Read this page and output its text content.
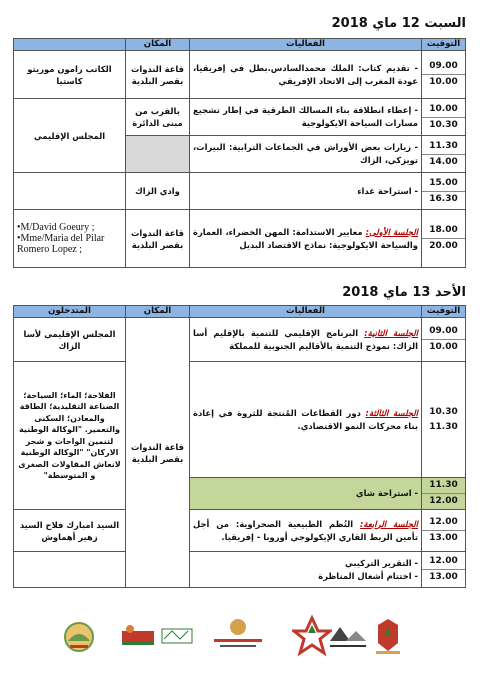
السبت 12 ماي 2018
التوقيت	الفعاليات	المكان	

09.00
10.00	- تقديم كتاب: الملك محمدالسادس.بطل في إفريقيا، عودة المغرب إلى الاتحاد الإفريقي	قاعة الندوات بقصر البلدية	الكاتب رامون موريتو كاستيا

10.00
10.30	- إعطاء انطلاقة بناء المسالك الطرقية في إطار تشجيع مسارات السياحة الايكولوجية	بالقرب من مبنى الدائرة	المجلس الإقليمي

11.30
14.00	- زيارات بعض الأوراش في الجماعات الترابية: البيرات، تويزكي، الزاك		

15.00
16.30	- استراحة غداء	وادي الزاك	

18.00
20.00	الجلسة الأولى: معايير الاستدامة: المهن الخضراء، العمارة والسياحة الايكولوجية: نماذج الاقتصاد البديل	قاعة الندوات بقصر البلدية	•M/David Goeury ;
•Mme/Maria del Pilar Romero Lopez ;
الأحد 13 ماي 2018
التوقيت	الفعاليات	المكان	المتدخلون

09.00
10.00	الجلسة الثانية: البرنامج الإقليمي للتنمية بالإقليم أسا الزاك: نموذج التنمية بالأقاليم الجنوبية للمملكة	قاعة الندوات بقصر البلدية	المجلس الإقليمي لأسا الزاك

10.30
11.30	الجلسة الثالثة: دور القطاعات المُنتجة للثروة في إعادة بناء محركات النمو الاقتصادي.		الفلاحة؛ الماء؛ السياحة؛ الصناعة التقليدية؛ الطاقة والمعادن؛ السكنى والتعمير. "الوكالة الوطنية لتنمين الواحات و شجر الاركان" "الوكالة الوطنية لانعاش المقاولات الصغرى و المتوسطة"

11.30
12.00	- استراحة شاي		

12.00
13.00	الجلسة الرابعة: النُظم الطبيعية الصحراوية: من أجل تأمين الربط القاري الإيكولوجي أوروبا - إفريقيا.		السيد امبارك فلاح السيد زهير أهماوش

12.00
13.00	- التقرير التركيبي
- اختتام أشغال المناظرة		
